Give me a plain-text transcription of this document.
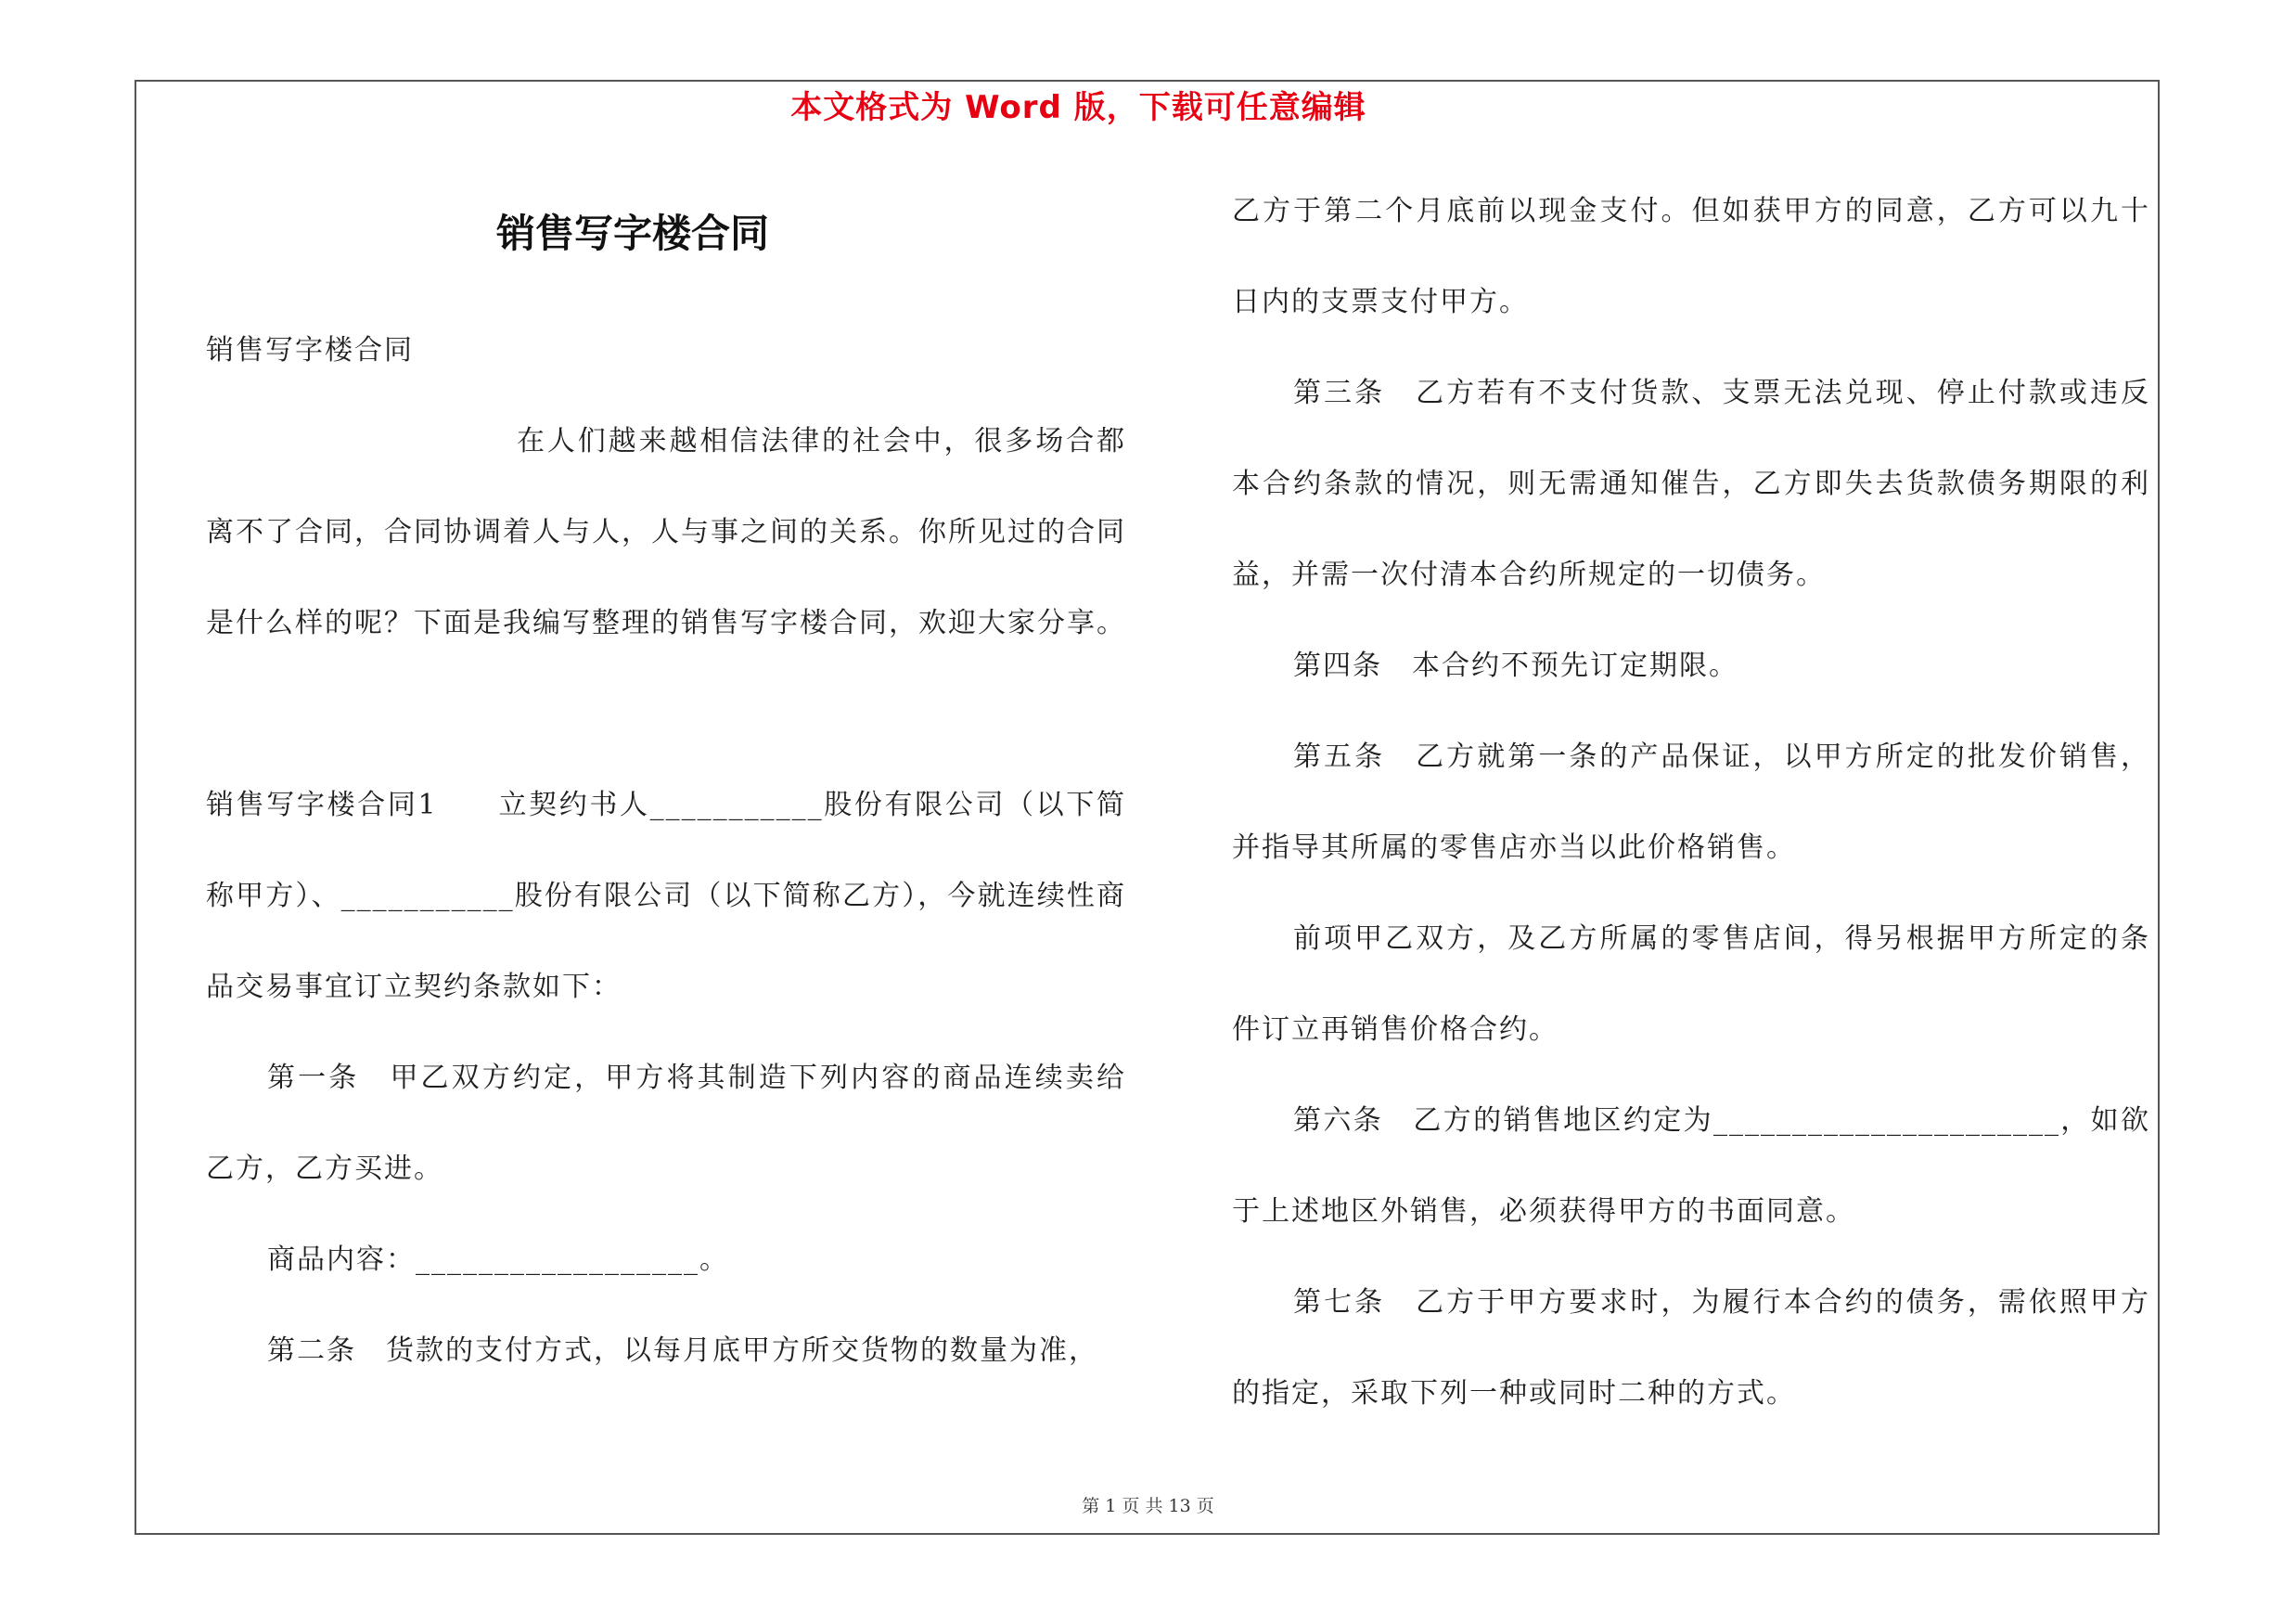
本文格式为 Word 版，下载可任意编辑
销售写字楼合同

销售写字楼合同

在人们越来越相信法律的社会中，很多场合都离不了合同，合同协调着人与人，人与事之间的关系。你所见过的合同是什么样的呢？下面是我编写整理的销售写字楼合同，欢迎大家分享。

销售写字楼合同1　　立契约书人___________股份有限公司（以下简称甲方）、___________股份有限公司（以下简称乙方），今就连续性商品交易事宜订立契约条款如下：

第一条　甲乙双方约定，甲方将其制造下列内容的商品连续卖给乙方，乙方买进。

商品内容：__________________。

第二条　货款的支付方式，以每月底甲方所交货物的数量为准，

乙方于第二个月底前以现金支付。但如获甲方的同意，乙方可以九十日内的支票支付甲方。

第三条　乙方若有不支付货款、支票无法兑现、停止付款或违反本合约条款的情况，则无需通知催告，乙方即失去货款债务期限的利益，并需一次付清本合约所规定的一切债务。

第四条　本合约不预先订定期限。

第五条　乙方就第一条的产品保证，以甲方所定的批发价销售，并指导其所属的零售店亦当以此价格销售。

前项甲乙双方，及乙方所属的零售店间，得另根据甲方所定的条件订立再销售价格合约。

第六条　乙方的销售地区约定为______________________，如欲于上述地区外销售，必须获得甲方的书面同意。

第七条　乙方于甲方要求时，为履行本合约的债务，需依照甲方的指定，采取下列一种或同时二种的方式。

第 1 页 共 13 页
